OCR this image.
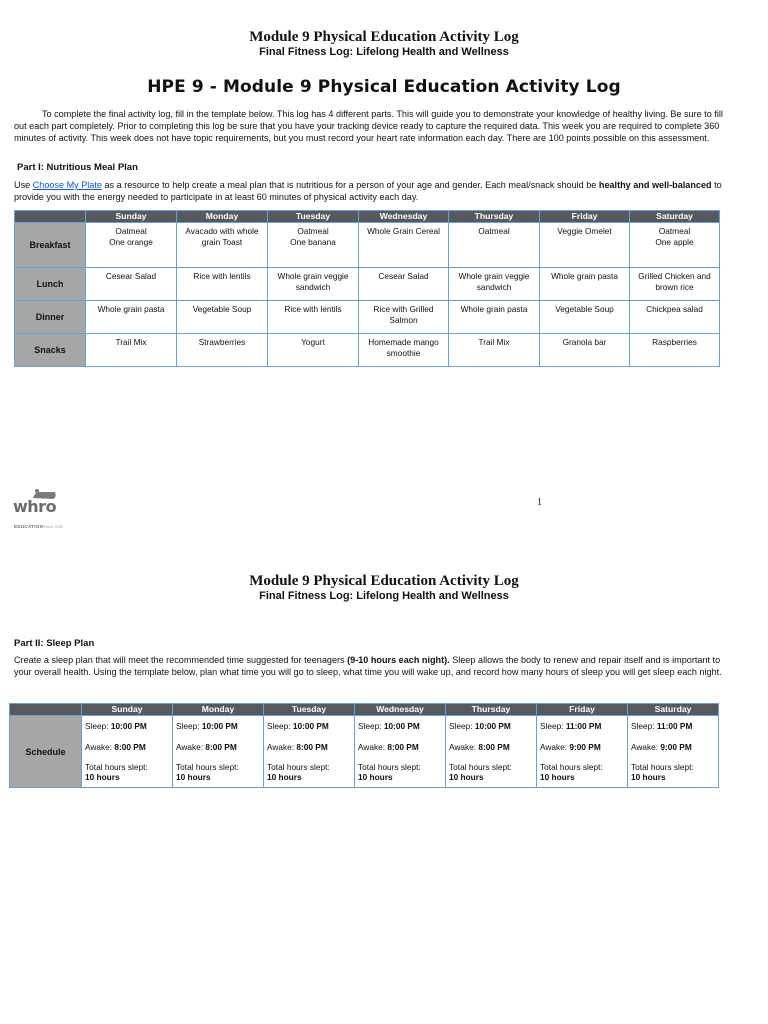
Module 9 Physical Education Activity Log
Final Fitness Log: Lifelong Health and Wellness
HPE 9 - Module 9 Physical Education Activity Log
To complete the final activity log, fill in the template below. This log has 4 different parts. This will guide you to demonstrate your knowledge of healthy living. Be sure to fill out each part completely. Prior to completing this log be sure that you have your tracking device ready to capture the required data. This week you are required to complete 360 minutes of activity. This week does not have topic requirements, but you must record your heart rate information each day. There are 100 points possible on this assessment.
Part I: Nutritious Meal Plan
Use Choose My Plate as a resource to help create a meal plan that is nutritious for a person of your age and gender. Each meal/snack should be healthy and well-balanced to provide you with the energy needed to participate in at least 60 minutes of physical activity each day.
	Sunday	Monday	Tuesday	Wednesday	Thursday	Friday	Saturday
Breakfast	Oatmeal
One orange	Avacado with whole
grain Toast	Oatmeal
One banana	Whole Grain Cereal	Oatmeal	Veggie Omelet	Oatmeal
One apple

Lunch	Cesear Salad	Rice with lentils	Whole grain veggie
sandwich	Cesear Salad	Whole grain veggie
sandwich	Whole grain pasta	Grilled Chicken and
brown rice

Dinner	Whole grain pasta	Vegetable Soup	Rice with lentils	Rice with Grilled
Salmon	Whole grain pasta	Vegetable Soup	Chickpea salad

Snacks	Trail Mix	Strawberries	Yogurt	Homemade mango
smoothie	Trail Mix	Granola bar	Raspberries
whro
EDUCATIONSince 2000
1
Module 9 Physical Education Activity Log
Final Fitness Log: Lifelong Health and Wellness
Part II: Sleep Plan
Create a sleep plan that will meet the recommended time suggested for teenagers (9-10 hours each night). Sleep allows the body to renew and repair itself and is important to your overall health. Using the template below, plan what time you will go to sleep, what time you will wake up, and record how many hours of sleep you will get sleep each night.
	Sunday	Monday	Tuesday	Wednesday	Thursday	Friday	Saturday
Schedule	Sleep: 10:00 PM
Awake: 8:00 PM
Total hours slept:
10 hours	Sleep: 10:00 PM
Awake: 8:00 PM
Total hours slept:
10 hours	Sleep: 10:00 PM
Awake: 8:00 PM
Total hours slept:
10 hours	Sleep: 10:00 PM
Awake: 8:00 PM
Total hours slept:
10 hours	Sleep: 10:00 PM
Awake: 8:00 PM
Total hours slept:
10 hours	Sleep: 11:00 PM
Awake: 9:00 PM
Total hours slept:
10 hours	Sleep: 11:00 PM
Awake: 9:00 PM
Total hours slept:
10 hours
